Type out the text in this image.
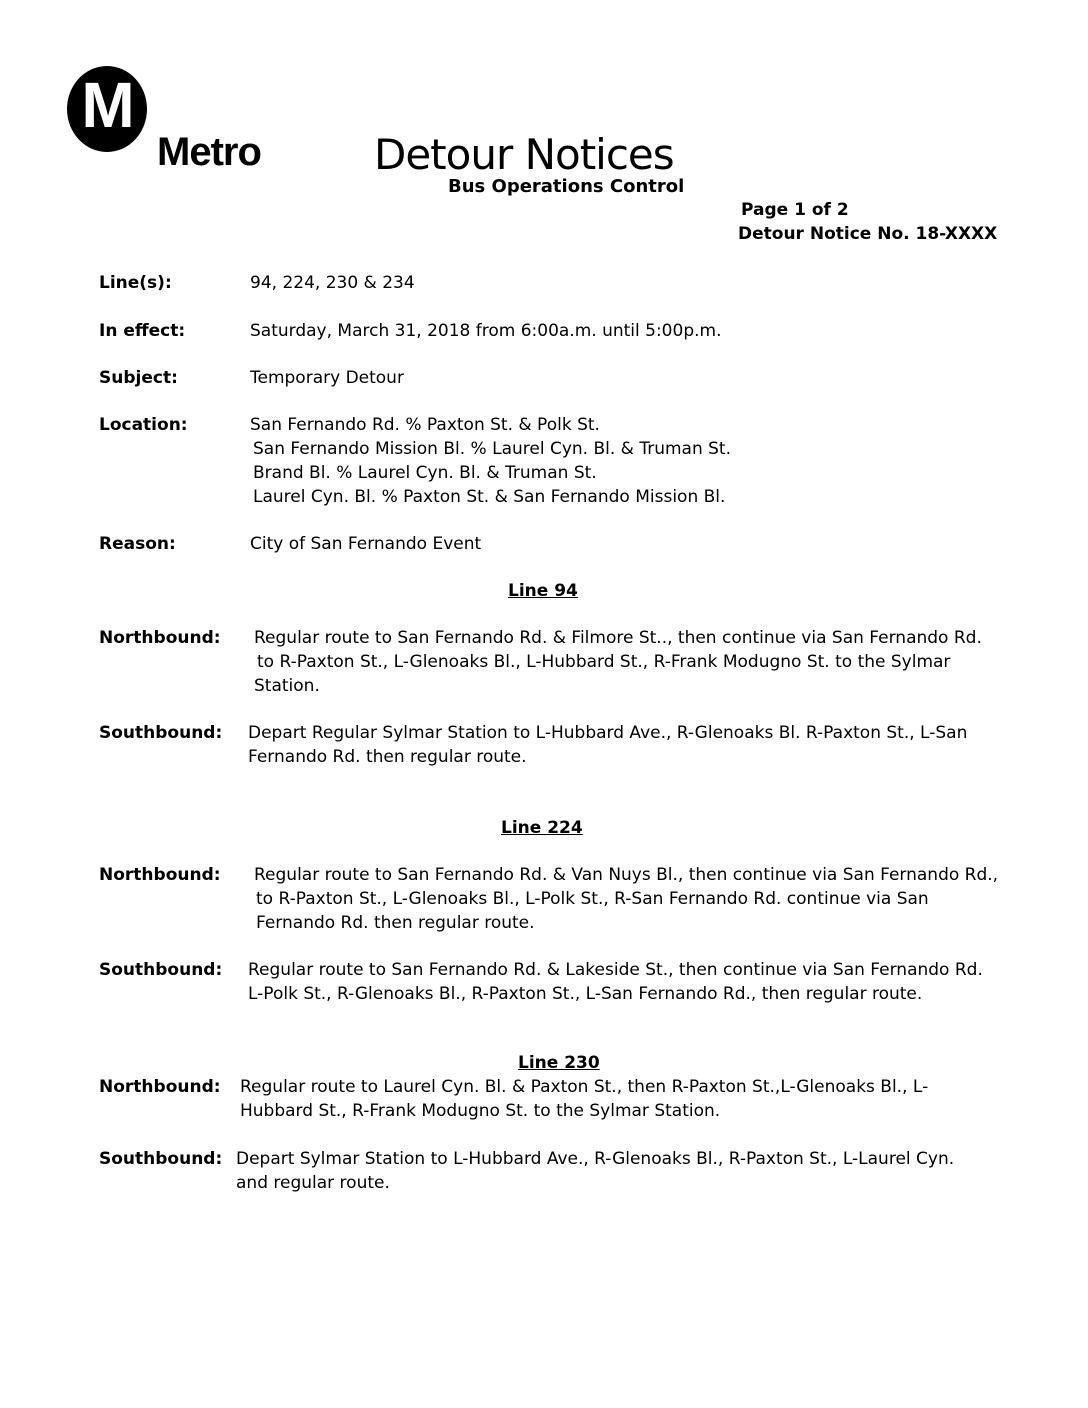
M
Metro	Detour Notices
Bus Operations Control
Page 1 of 2
Detour Notice No. 18-XXXX
Line(s):	94, 224, 230 & 234
In effect:	Saturday, March 31, 2018 from 6:00a.m. until 5:00p.m.
Subject:	Temporary Detour
Location:	San Fernando Rd. % Paxton St. & Polk St.
San Fernando Mission Bl. % Laurel Cyn. Bl. & Truman St.
Brand Bl. % Laurel Cyn. Bl. & Truman St.
Laurel Cyn. Bl. % Paxton St. & San Fernando Mission Bl.
Reason:	City of San Fernando Event
Line 94
Northbound: Regular route to San Fernando Rd. & Filmore St.., then continue via San Fernando Rd.
to R-Paxton St., L-Glenoaks Bl., L-Hubbard St., R-Frank Modugno St. to the Sylmar
Station.
Southbound: Depart Regular Sylmar Station to L-Hubbard Ave., R-Glenoaks Bl. R-Paxton St., L-San
Fernando Rd. then regular route.
Line 224
Northbound: Regular route to San Fernando Rd. & Van Nuys Bl., then continue via San Fernando Rd.,
to R-Paxton St., L-Glenoaks Bl., L-Polk St., R-San Fernando Rd. continue via San
Fernando Rd. then regular route.
Southbound: Regular route to San Fernando Rd. & Lakeside St., then continue via San Fernando Rd.
L-Polk St., R-Glenoaks Bl., R-Paxton St., L-San Fernando Rd., then regular route.
Line 230
Northbound: Regular route to Laurel Cyn. Bl. & Paxton St., then R-Paxton St.,L-Glenoaks Bl., L-
Hubbard St., R-Frank Modugno St. to the Sylmar Station.
Southbound: Depart Sylmar Station to L-Hubbard Ave., R-Glenoaks Bl., R-Paxton St., L-Laurel Cyn.
and regular route.
